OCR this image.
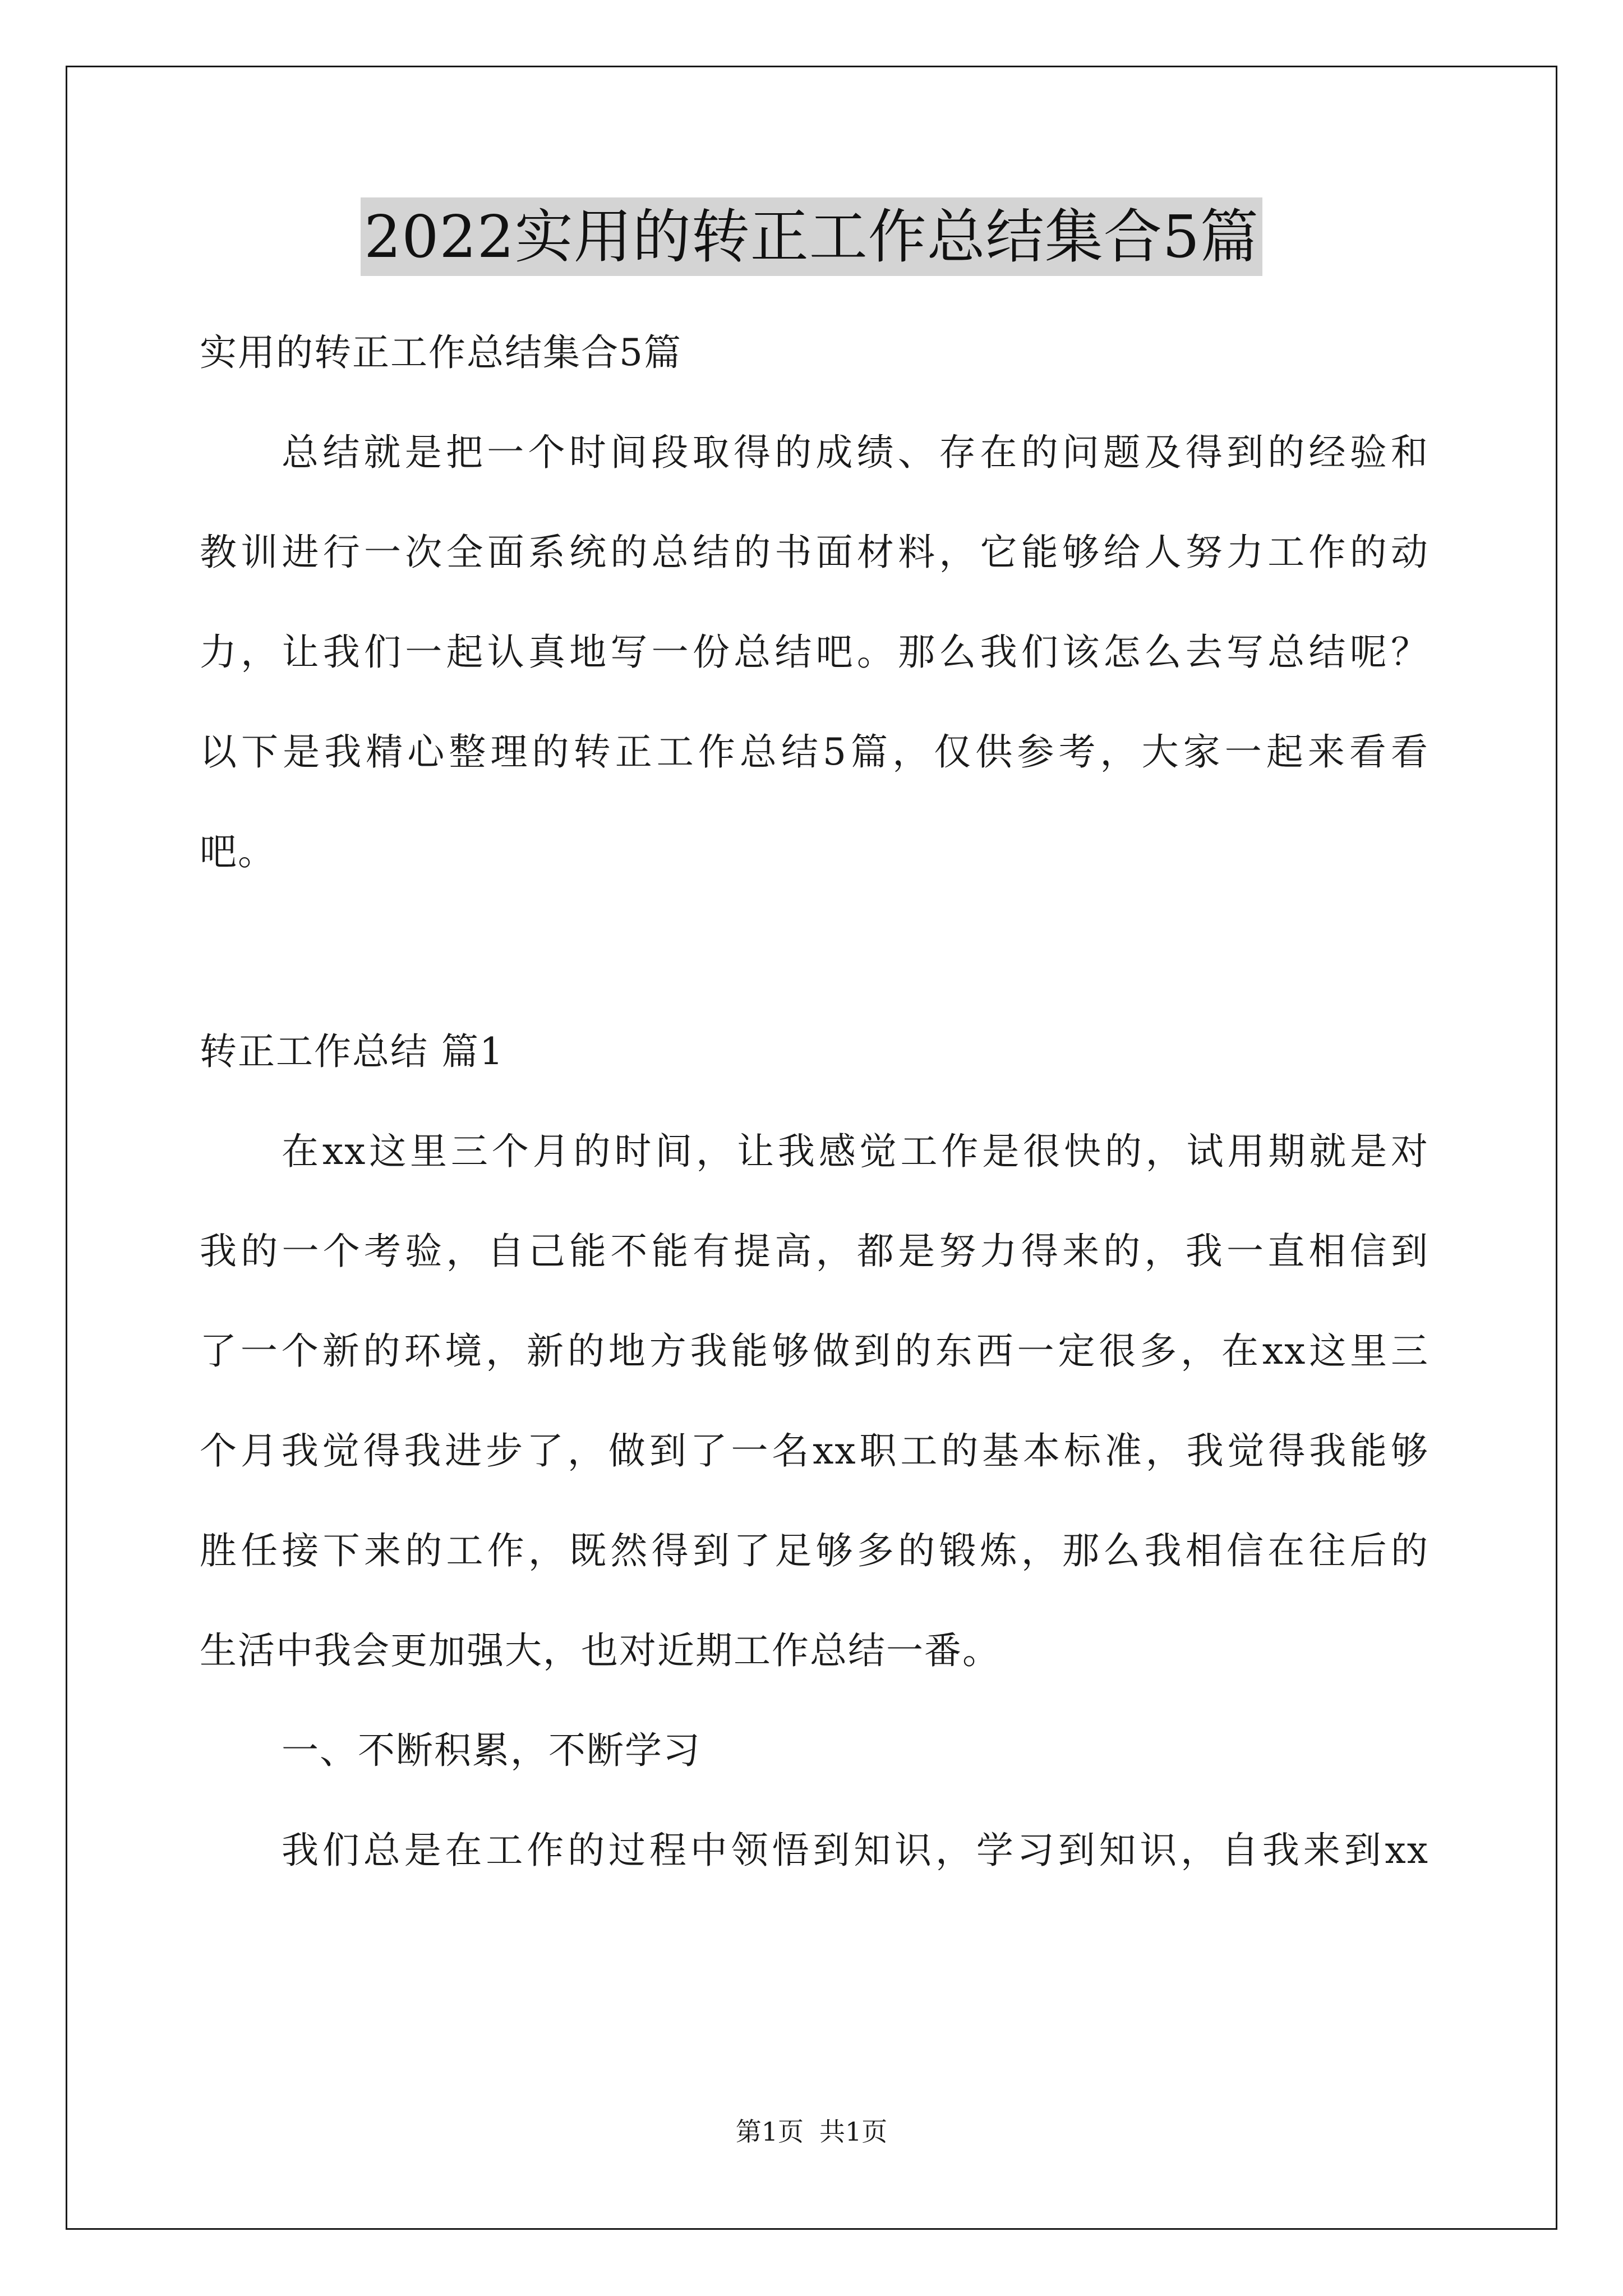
2022实用的转正工作总结集合5篇
实用的转正工作总结集合5篇
总结就是把一个时间段取得的成绩、存在的问题及得到的经验和
教训进行一次全面系统的总结的书面材料，它能够给人努力工作的动
力，让我们一起认真地写一份总结吧。那么我们该怎么去写总结呢？
以下是我精心整理的转正工作总结5篇，仅供参考，大家一起来看看
吧。
转正工作总结 篇1
在xx这里三个月的时间，让我感觉工作是很快的，试用期就是对
我的一个考验，自己能不能有提高，都是努力得来的，我一直相信到
了一个新的环境，新的地方我能够做到的东西一定很多，在xx这里三
个月我觉得我进步了，做到了一名xx职工的基本标准，我觉得我能够
胜任接下来的工作，既然得到了足够多的锻炼，那么我相信在往后的
生活中我会更加强大，也对近期工作总结一番。
一、不断积累，不断学习
我们总是在工作的过程中领悟到知识，学习到知识，自我来到xx
第1页 共1页
